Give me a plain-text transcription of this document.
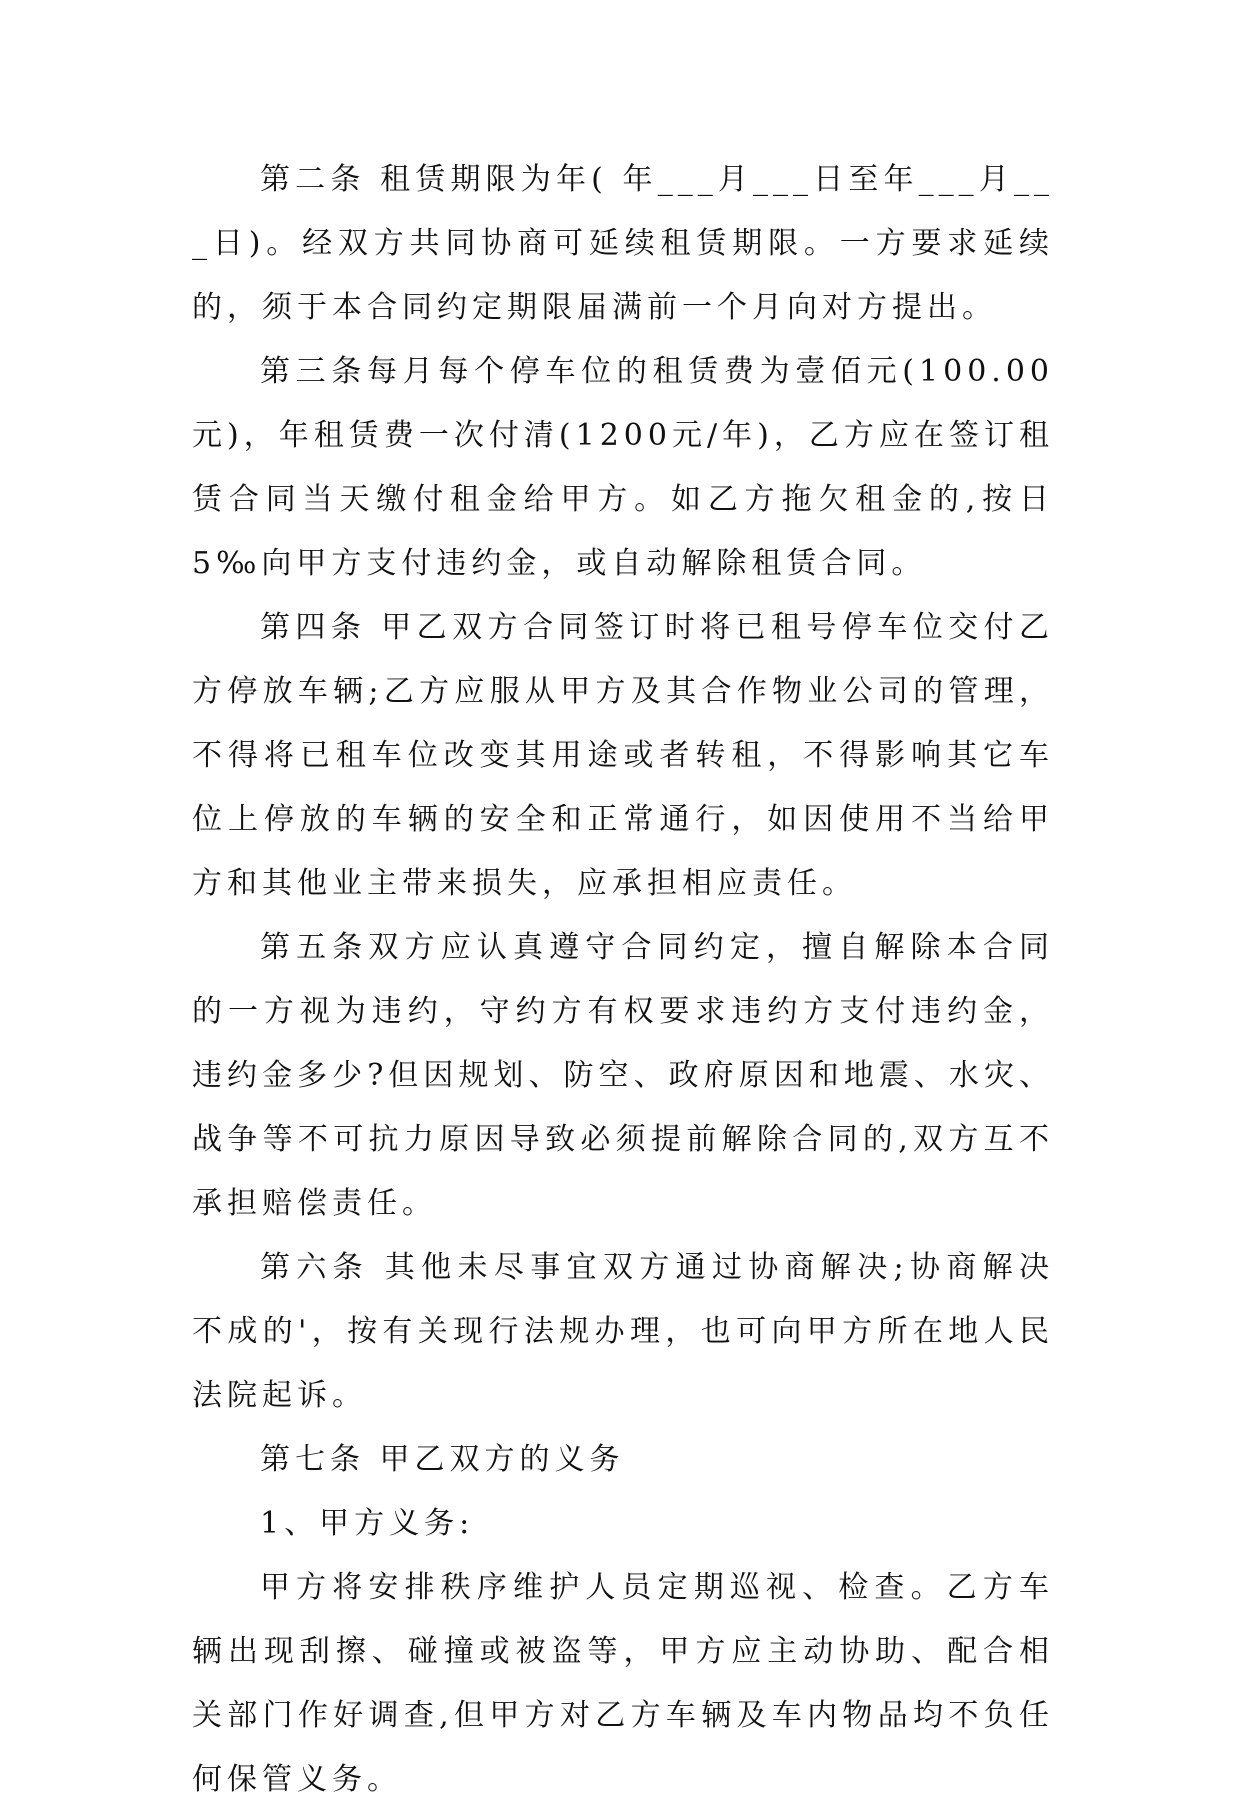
第二条 租赁期限为年( 年___月___日至年___月___日)。经双方共同协商可延续租赁期限。一方要求延续的，须于本合同约定期限届满前一个月向对方提出。

第三条每月每个停车位的租赁费为壹佰元(100.00元)，年租赁费一次付清(1200元/年)，乙方应在签订租赁合同当天缴付租金给甲方。如乙方拖欠租金的,按日5‰向甲方支付违约金，或自动解除租赁合同。

第四条 甲乙双方合同签订时将已租号停车位交付乙方停放车辆;乙方应服从甲方及其合作物业公司的管理，不得将已租车位改变其用途或者转租，不得影响其它车位上停放的车辆的安全和正常通行，如因使用不当给甲方和其他业主带来损失，应承担相应责任。

第五条双方应认真遵守合同约定，擅自解除本合同的一方视为违约，守约方有权要求违约方支付违约金，违约金多少?但因规划、防空、政府原因和地震、水灾、战争等不可抗力原因导致必须提前解除合同的,双方互不承担赔偿责任。

第六条 其他未尽事宜双方通过协商解决;协商解决不成的'，按有关现行法规办理，也可向甲方所在地人民法院起诉。

第七条 甲乙双方的义务

1、甲方义务:

甲方将安排秩序维护人员定期巡视、检查。乙方车辆出现刮擦、碰撞或被盗等，甲方应主动协助、配合相关部门作好调查,但甲方对乙方车辆及车内物品均不负任何保管义务。
